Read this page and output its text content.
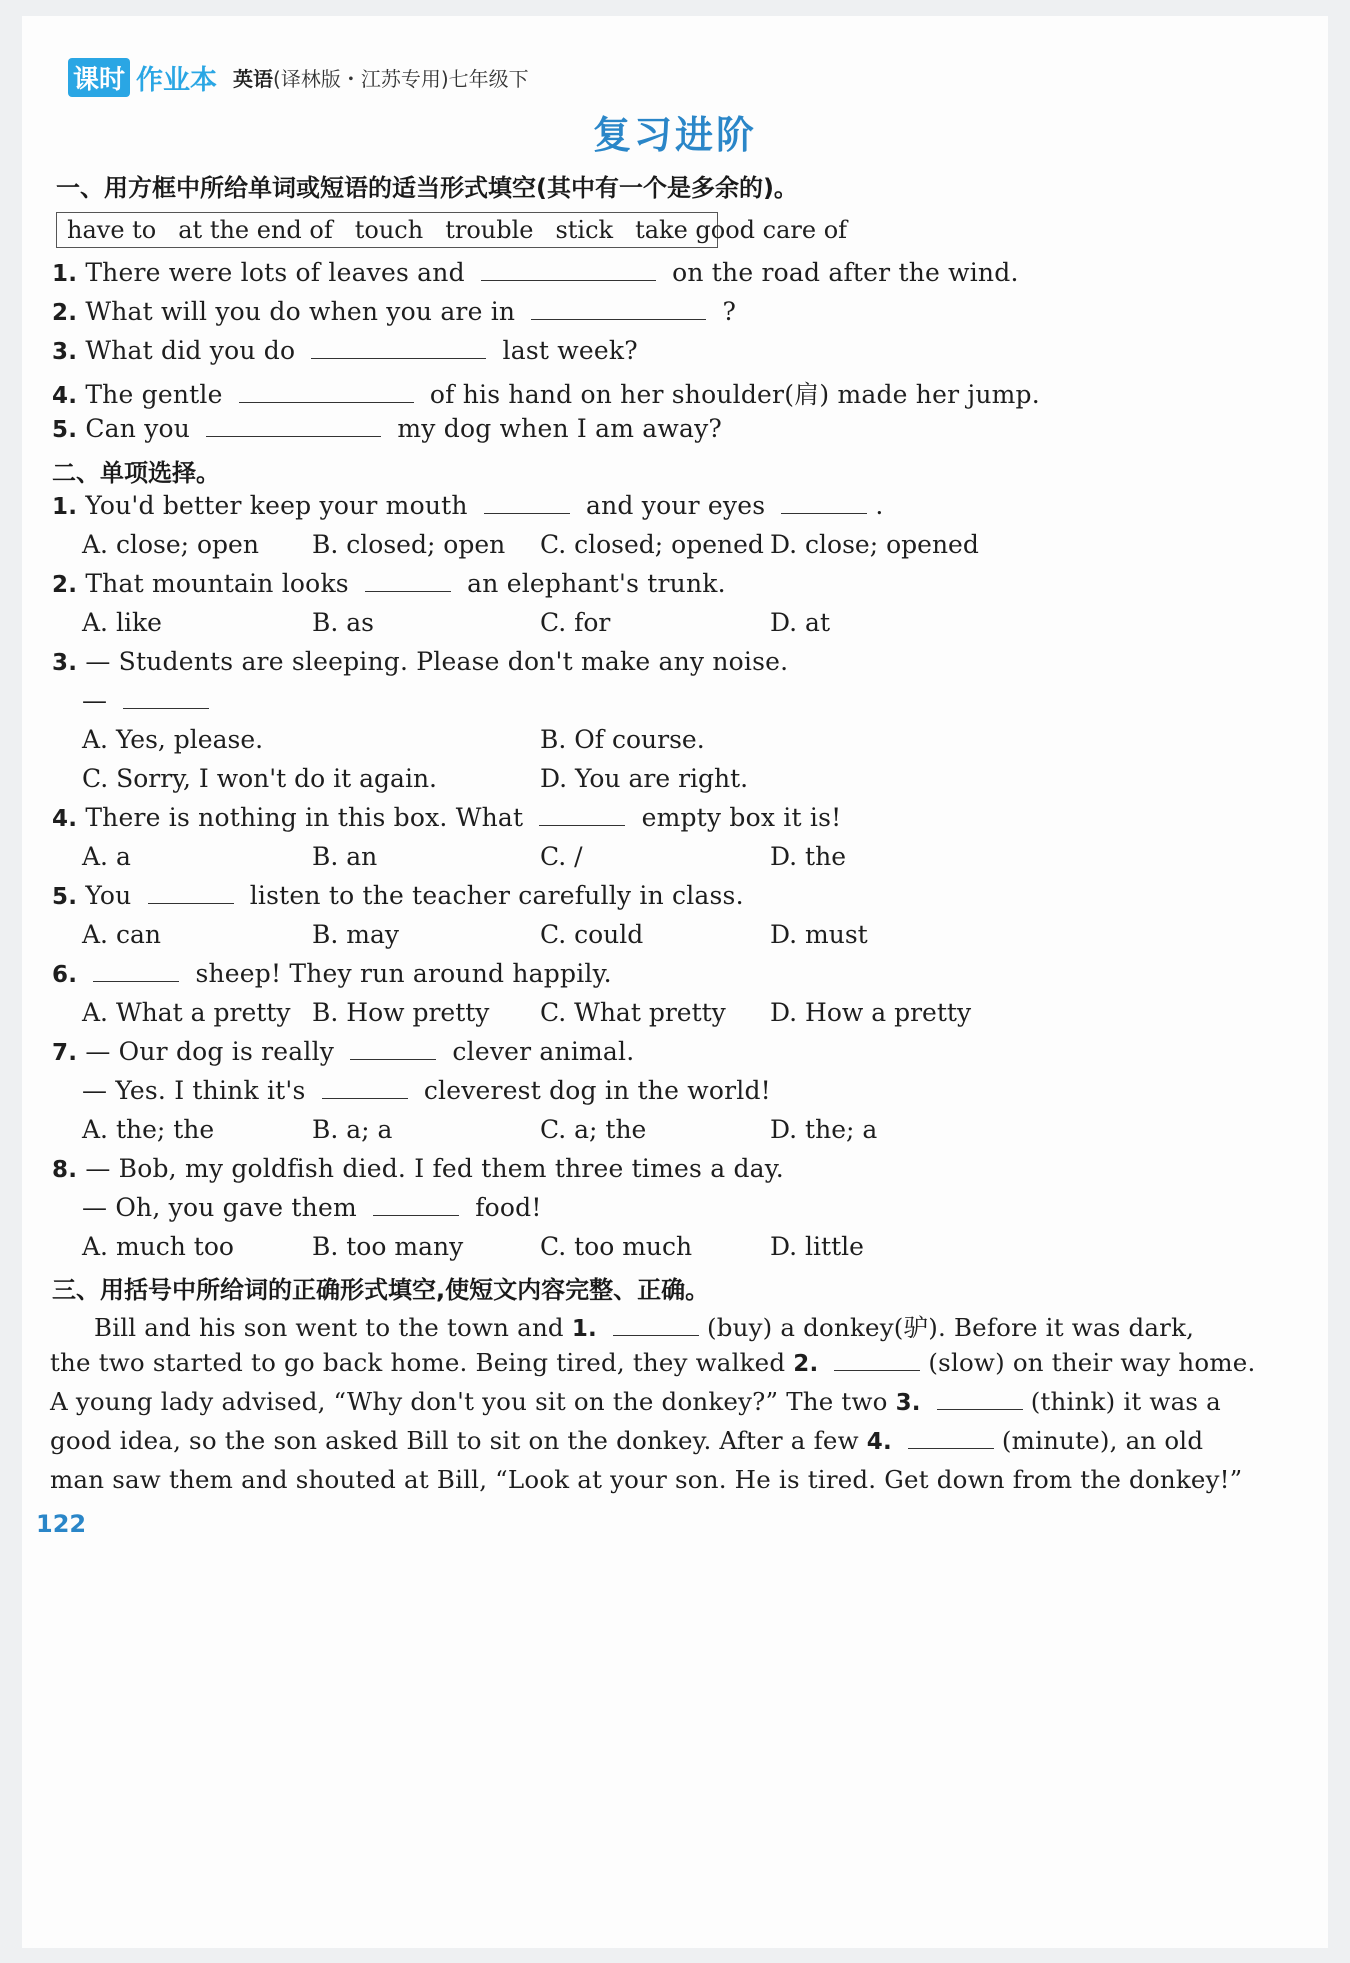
课时 作业本 英语 (译林版・江苏专用)七年级下
复习进阶
一、用方框中所给单词或短语的适当形式填空(其中有一个是多余的)。
have to at the end of touch trouble stick take good care of
1. There were lots of leaves and	on the road after the wind.
2. What will you do when you are in	?
3. What did you do	last week?
4. The gentle	of his hand on her shoulder(肩) made her jump.
5. Can you	my dog when I am away?
二、单项选择。
1. You'd better keep your mouth	and your eyes	.
A. close; open B. closed; open C. closed; opened D. close; opened
2. That mountain looks	an elephant's trunk.
A. like	B. as	C. for	D. at
3. — Students are sleeping. Please don't make any noise.
—
A. Yes, please.	B. Of course.
C. Sorry, I won't do it again.	D. You are right.
4. There is nothing in this box. What	empty box it is!
A. a	B. an	C. /	D. the
5. You	listen to the teacher carefully in class.
A. can	B. may	C. could	D. must
6.	sheep! They run around happily.
A. What a pretty B. How pretty C. What pretty D. How a pretty
7. — Our dog is really	clever animal.
— Yes. I think it's	cleverest dog in the world!
A. the; the	B. a; a	C. a; the	D. the; a
8. — Bob, my goldfish died. I fed them three times a day.
— Oh, you gave them	food!
A. much too	B. too many	C. too much	D. little
三、用括号中所给词的正确形式填空,使短文内容完整、正确。
Bill and his son went to the town and 1.	(buy) a donkey(驴). Before it was dark,
the two started to go back home. Being tired, they walked 2.	(slow) on their way home.
A young lady advised, “Why don't you sit on the donkey?” The two 3.	(think) it was a
good idea, so the son asked Bill to sit on the donkey. After a few 4.	(minute), an old
man saw them and shouted at Bill, “Look at your son. He is tired. Get down from the donkey!”
122
